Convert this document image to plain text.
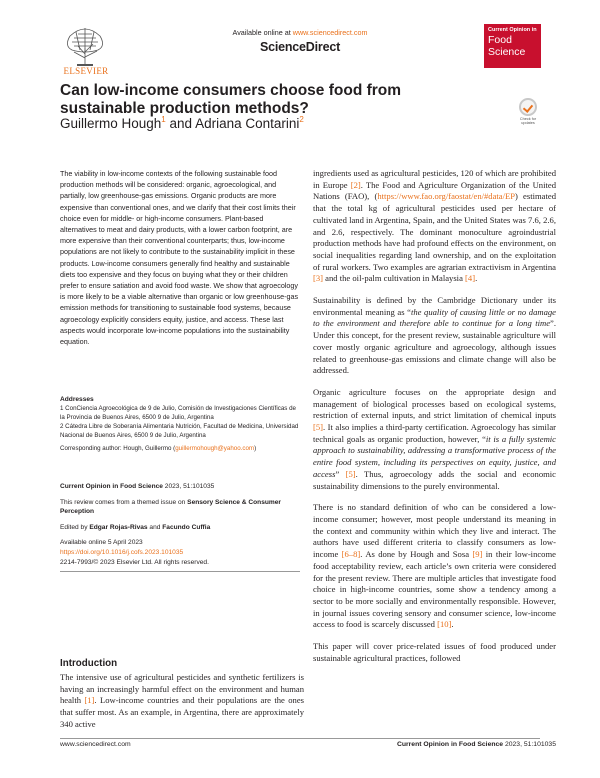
ELSEVIER
Available online at www.sciencedirect.com
ScienceDirect
Current Opinion in
Food
Science
Can low-income consumers choose food from sustainable production methods?
Guillermo Hough$^1$ and Adriana Contarini$^2$	Check for updates
The viability in low-income contexts of the following sustainable food production methods will be considered: organic, agroecological, and partially, low greenhouse-gas emissions. Organic products are more expensive than conventional ones, and we clarify that their cost limits their choice even for middle- or high-income consumers. Plant-based alternatives to meat and dairy products, with a lower carbon footprint, are more expensive than their conventional counterparts; thus, low-income populations are not likely to contribute to the sustainability implicit in these products. Low-income consumers generally find healthy and sustainable diets too expensive and they focus on buying what they or their children prefer to ensure satiation and avoid food waste. We show that agroecology is more likely to be a viable alternative than organic or low greenhouse-gas emission methods for transitioning to sustainable food systems, because agroecology explicitly considers equity, justice, and access. These last aspects would incorporate low-income populations into the sustainability equation.
Addresses
1 ConCiencia Agroecológica de 9 de Julio, Comisión de Investigaciones Científicas de la Provincia de Buenos Aires, 6500 9 de Julio, Argentina
2 Cátedra Libre de Soberanía Alimentaria Nutrición, Facultad de Medicina, Universidad Nacional de Buenos Aires, 6500 9 de Julio, Argentina
Corresponding author: Hough, Guillermo (guillermohough@yahoo.com)
Current Opinion in Food Science 2023, 51:101035
This review comes from a themed issue on Sensory Science & Consumer Perception
Edited by Edgar Rojas-Rivas and Facundo Cuffia
Available online 5 April 2023
https://doi.org/10.1016/j.cofs.2023.101035
2214-7993/© 2023 Elsevier Ltd. All rights reserved.
Introduction
The intensive use of agricultural pesticides and synthetic fertilizers is having an increasingly harmful effect on the environment and human health [1]. Low-income countries and their populations are the ones that suffer most. As an example, in Argentina, there are approximately 340 active

ingredients used as agricultural pesticides, 120 of which are prohibited in Europe [2]. The Food and Agriculture Organization of the United Nations (FAO), (https://www.fao.org/faostat/en/#data/EP) estimated that the total kg of agricultural pesticides used per hectare of cultivated land in Argentina, Spain, and the United States was 7.6, 2.6, and 2.6, respectively. The dominant monoculture agroindustrial production methods have had profound effects on the environment, on social inequalities regarding land ownership, and on the exploitation of rural workers. Two examples are agrarian extractivism in Argentina [3] and the oil-palm cultivation in Malaysia [4].

Sustainability is defined by the Cambridge Dictionary under its environmental meaning as “the quality of causing little or no damage to the environment and therefore able to continue for a long time”. Under this concept, for the present review, sustainable agriculture will cover mostly organic agriculture and agroecology, although issues related to greenhouse-gas emissions and climate change will also be addressed.

Organic agriculture focuses on the appropriate design and management of biological processes based on ecological systems, restriction of external inputs, and strict limitation of chemical inputs [5]. It also implies a third-party certification. Agroecology has similar technical goals as organic production, however, “it is a fully systemic approach to sustainability, addressing a transformative process of the entire food system, including its perspectives on equity, justice, and access” [5]. Thus, agroecology adds the social and economic sustainability dimensions to the purely environmental.

There is no standard definition of who can be considered a low-income consumer; however, most people understand its meaning in the context and community within which they live and interact. The authors have used different criteria to classify consumers as low-income [6–8]. As done by Hough and Sosa [9] in their low-income food acceptability review, each article’s own criteria were considered for the present review. There are multiple articles that investigate food choice in high-income countries, some show a tendency among a sector to be more socially and environmentally responsible. However, in journal issues covering sensory and consumer science, low-income access to food is scarcely discussed [10].

This paper will cover price-related issues of food produced under sustainable agricultural practices, followed

www.sciencedirect.com	Current Opinion in Food Science 2023, 51:101035
